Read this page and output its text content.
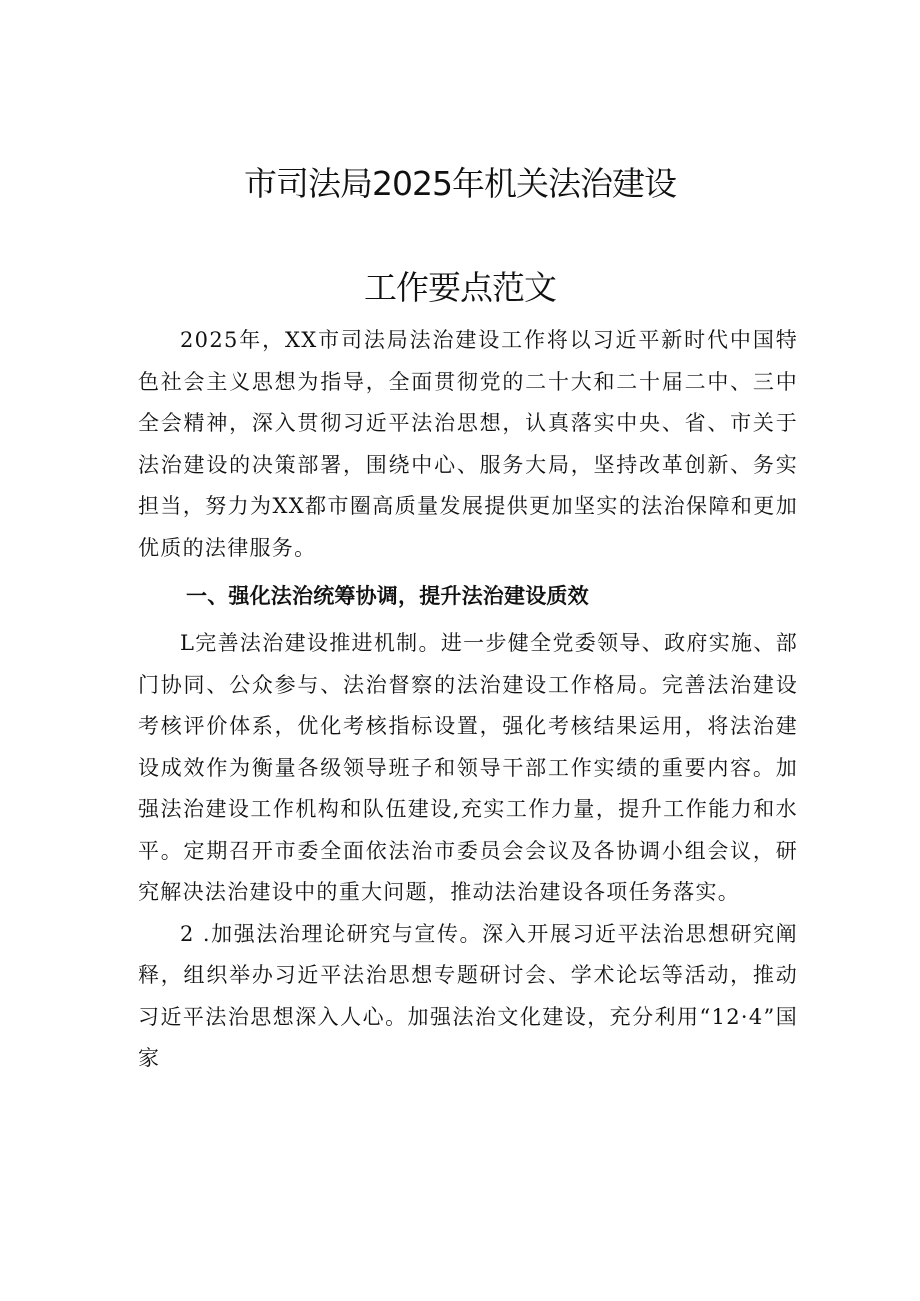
市司法局2025年机关法治建设
工作要点范文

2025年，XX市司法局法治建设工作将以习近平新时代中国特色社会主义思想为指导，全面贯彻党的二十大和二十届二中、三中全会精神，深入贯彻习近平法治思想，认真落实中央、省、市关于法治建设的决策部署，围绕中心、服务大局，坚持改革创新、务实担当，努力为XX都市圈高质量发展提供更加坚实的法治保障和更加优质的法律服务。

一、强化法治统筹协调，提升法治建设质效

L完善法治建设推进机制。进一步健全党委领导、政府实施、部门协同、公众参与、法治督察的法治建设工作格局。完善法治建设考核评价体系，优化考核指标设置，强化考核结果运用，将法治建设成效作为衡量各级领导班子和领导干部工作实绩的重要内容。加强法治建设工作机构和队伍建设,充实工作力量，提升工作能力和水平。定期召开市委全面依法治市委员会会议及各协调小组会议，研究解决法治建设中的重大问题，推动法治建设各项任务落实。

2 .加强法治理论研究与宣传。深入开展习近平法治思想研究阐释，组织举办习近平法治思想专题研讨会、学术论坛等活动，推动习近平法治思想深入人心。加强法治文化建设，充分利用“12·4”国家
